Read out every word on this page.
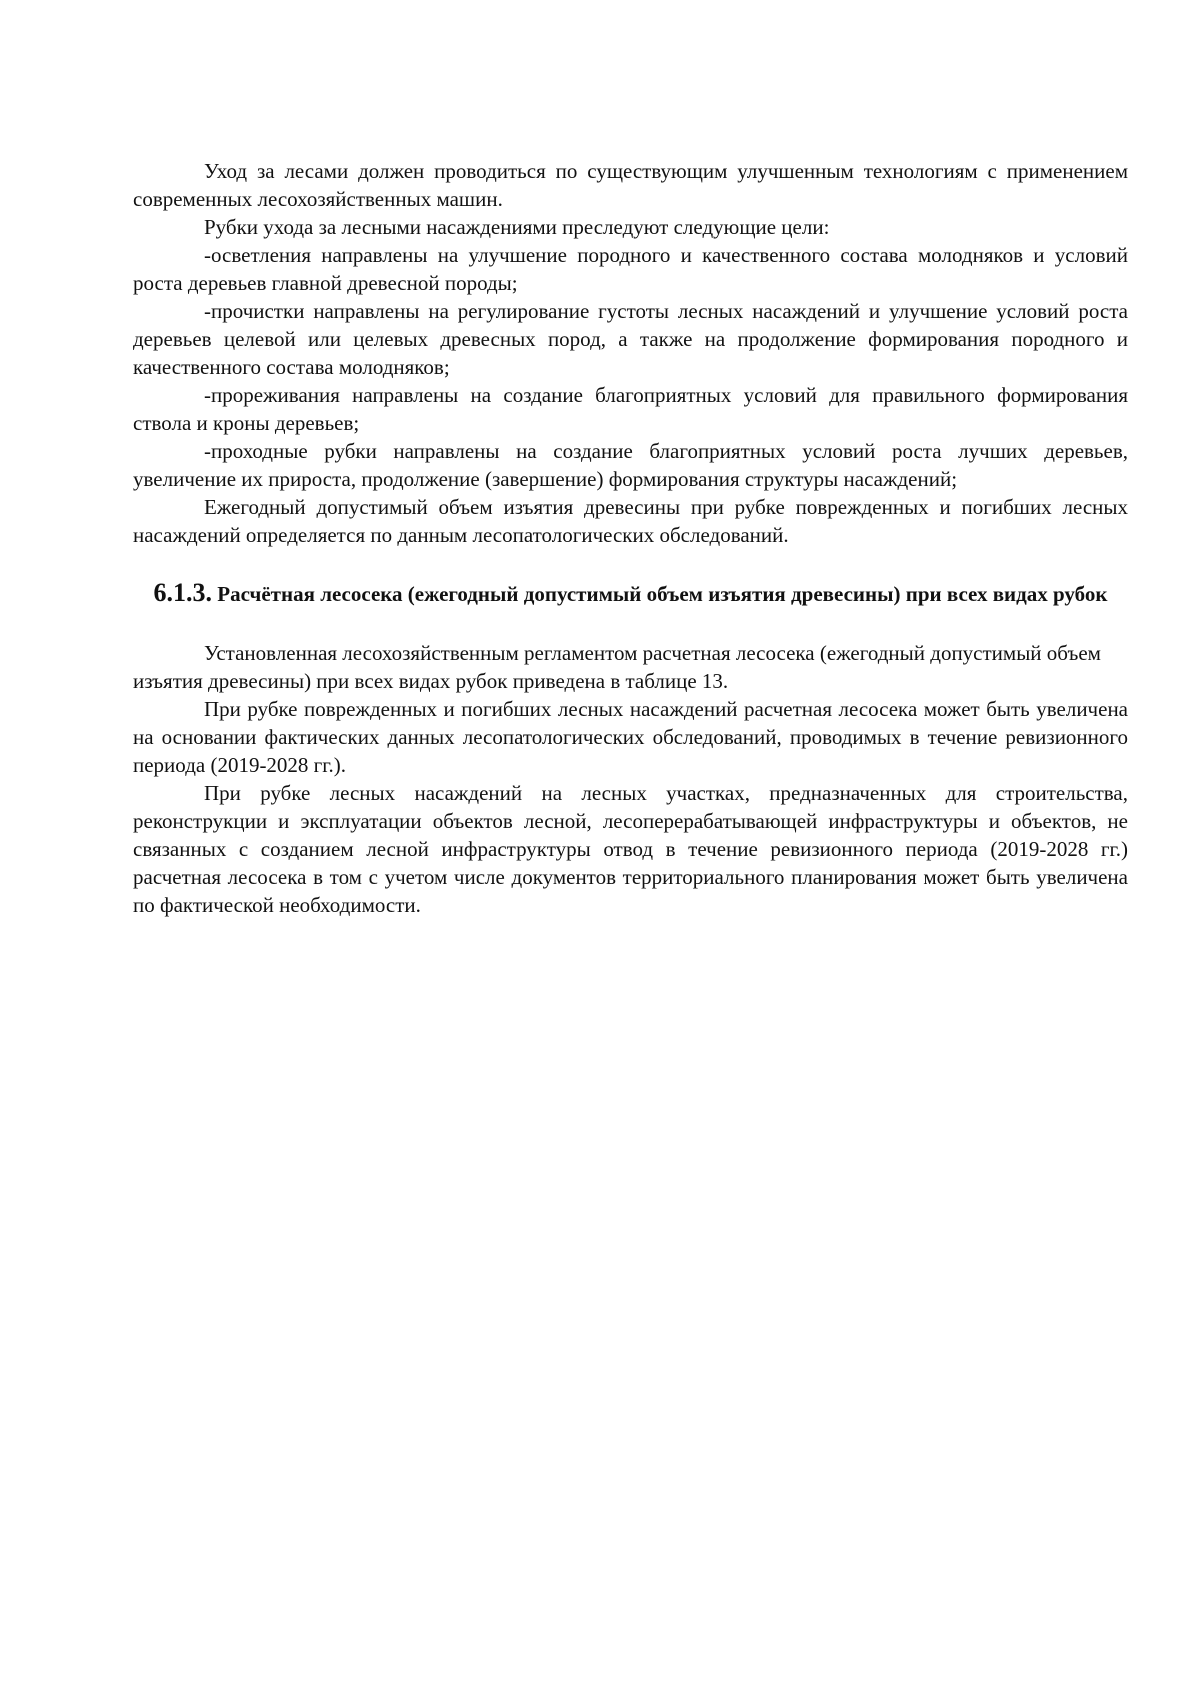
Уход за лесами должен проводиться по существующим улучшенным технологиям с применением современных лесохозяйственных машин.

Рубки ухода за лесными насаждениями преследуют следующие цели:

-осветления направлены на улучшение породного и качественного состава молодняков и условий роста деревьев главной древесной породы;

-прочистки направлены на регулирование густоты лесных насаждений и улучшение условий роста деревьев целевой или целевых древесных пород, а также на продолжение формирования породного и качественного состава молодняков;

-прореживания направлены на создание благоприятных условий для правильного формирования ствола и кроны деревьев;

-проходные рубки направлены на создание благоприятных условий роста лучших деревьев, увеличение их прироста, продолжение (завершение) формирования структуры насаждений;

Ежегодный допустимый объем изъятия древесины при рубке поврежденных и погибших лесных насаждений определяется по данным лесопатологических обследований.

6.1.3. Расчётная лесосека (ежегодный допустимый объем изъятия древесины) при всех видах рубок

Установленная лесохозяйственным регламентом расчетная лесосека (ежегодный допустимый объем изъятия древесины) при всех видах рубок приведена в таблице 13.

При рубке поврежденных и погибших лесных насаждений расчетная лесосека может быть увеличена на основании фактических данных лесопатологических обследований, проводимых в течение ревизионного периода (2019-2028 гг.).

При рубке лесных насаждений на лесных участках, предназначенных для строительства, реконструкции и эксплуатации объектов лесной, лесоперерабатывающей инфраструктуры и объектов, не связанных с созданием лесной инфраструктуры отвод в течение ревизионного периода (2019-2028 гг.) расчетная лесосека в том с учетом числе документов территориального планирования может быть увеличена по фактической необходимости.
